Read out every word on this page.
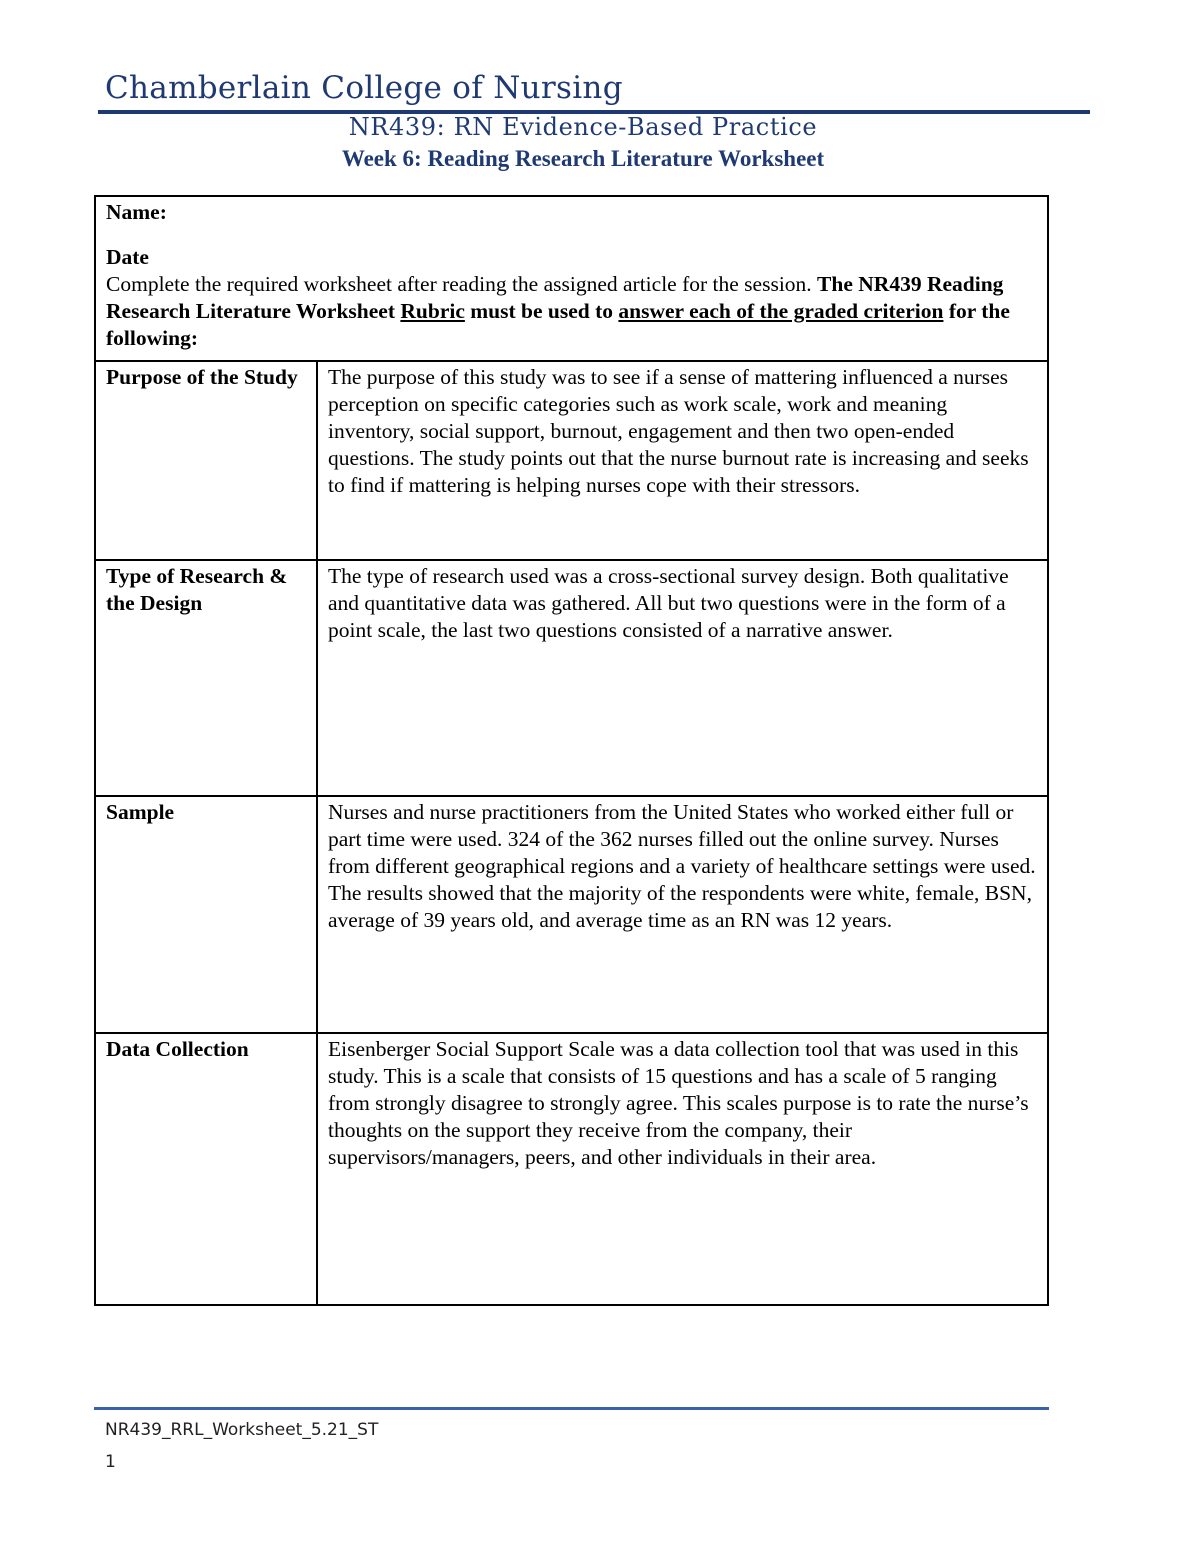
Chamberlain College of Nursing
NR439: RN Evidence-Based Practice
Week 6: Reading Research Literature Worksheet
Name:
Date
Complete the required worksheet after reading the assigned article for the session. The NR439 Reading Research Literature Worksheet Rubric must be used to answer each of the graded criterion for the following:	

Purpose of the Study	The purpose of this study was to see if a sense of mattering influenced a nurses perception on specific categories such as work scale, work and meaning inventory, social support, burnout, engagement and then two open-ended questions. The study points out that the nurse burnout rate is increasing and seeks to find if mattering is helping nurses cope with their stressors.
Type of Research & the Design	The type of research used was a cross-sectional survey design. Both qualitative and quantitative data was gathered. All but two questions were in the form of a point scale, the last two questions consisted of a narrative answer.
Sample	Nurses and nurse practitioners from the United States who worked either full or part time were used. 324 of the 362 nurses filled out the online survey. Nurses from different geographical regions and a variety of healthcare settings were used. The results showed that the majority of the respondents were white, female, BSN, average of 39 years old, and average time as an RN was 12 years.
Data Collection	Eisenberger Social Support Scale was a data collection tool that was used in this study. This is a scale that consists of 15 questions and has a scale of 5 ranging from strongly disagree to strongly agree. This scales purpose is to rate the nurse’s thoughts on the support they receive from the company, their supervisors/managers, peers, and other individuals in their area.
NR439_RRL_Worksheet_5.21_ST
1
